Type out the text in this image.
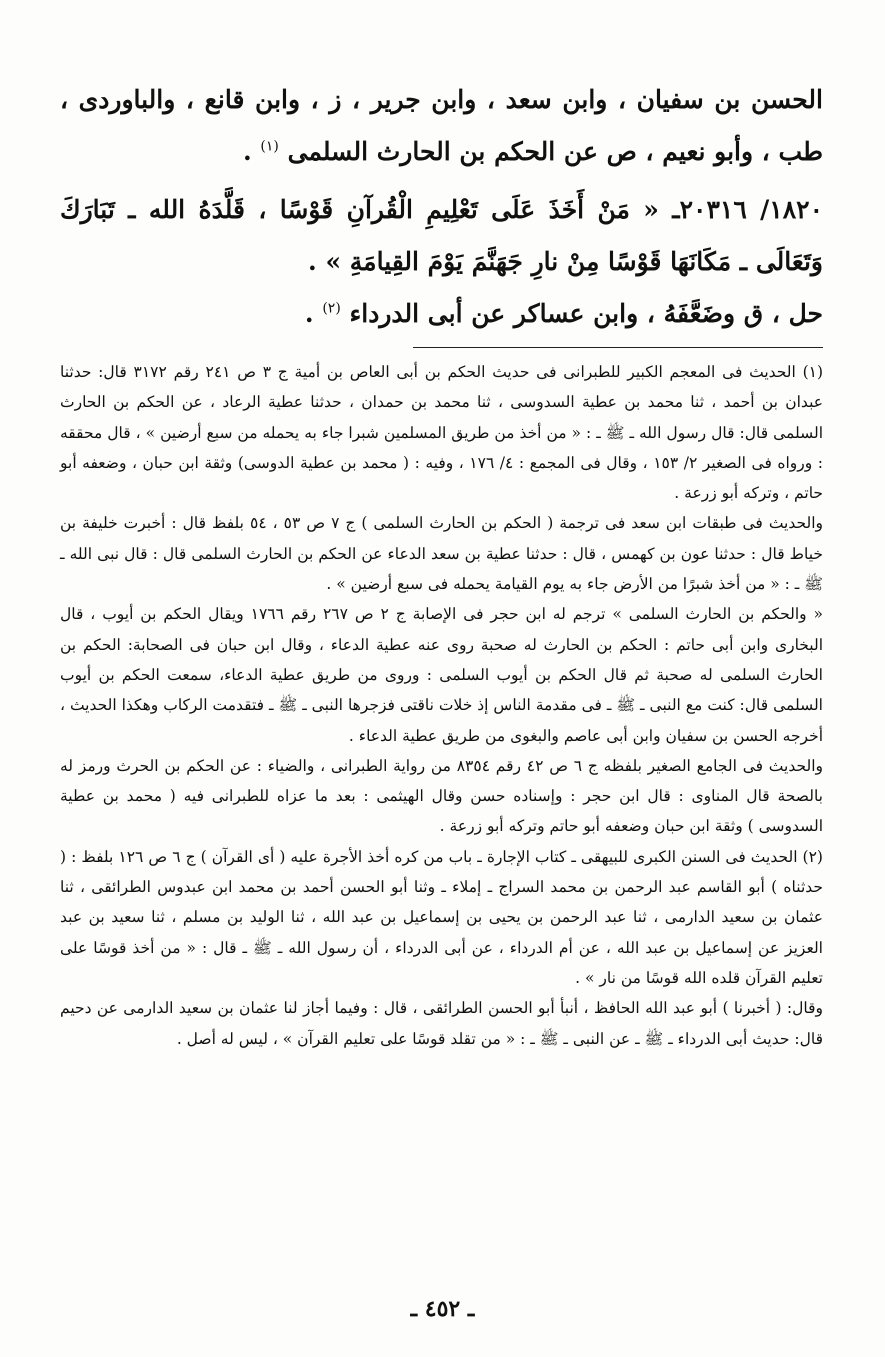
الحسن بن سفيان ، وابن سعد ، وابن جرير ، ز ، وابن قانع ، والباوردى ، طب ، وأبو نعيم ، ص عن الحكم بن الحارث السلمى $^{(١)}$ .

١٨٢٠/ ٢٠٣١٦ـ « مَنْ أَخَذَ عَلَى تَعْلِيمِ الْقُرآنِ قَوْسًا ، قَلَّدَهُ الله ـ تَبَارَكَ وَتَعَالَى ـ مَكَانَهَا قَوْسًا مِنْ نارِ جَهَنَّمَ يَوْمَ القِيامَةِ » .

حل ، ق وضَعَّفَهُ ، وابن عساكر عن أبى الدرداء $^{(٢)}$ .

(١) الحديث فى المعجم الكبير للطبرانى فى حديث الحكم بن أبى العاص بن أمية ج ٣ ص ٢٤١ رقم ٣١٧٢ قال: حدثنا عبدان بن أحمد ، ثنا محمد بن عطية السدوسى ، ثنا محمد بن حمدان ، حدثنا عطية الرعاد ، عن الحكم بن الحارث السلمى قال: قال رسول الله ـ ﷺ ـ : « من أخذ من طريق المسلمين شبرا جاء به يحمله من سبع أرضين » ، قال محققه : ورواه فى الصغير ٢/ ١٥٣ ، وقال فى المجمع : ٤/ ١٧٦ ، وفيه : ( محمد بن عطية الدوسى) وثقة ابن حبان ، وضعفه أبو حاتم ، وتركه أبو زرعة .

والحديث فى طبقات ابن سعد فى ترجمة ( الحكم بن الحارث السلمى ) ج ٧ ص ٥٣ ، ٥٤ بلفظ قال : أخبرت خليفة بن خياط قال : حدثنا عون بن كهمس ، قال : حدثنا عطية بن سعد الدعاء عن الحكم بن الحارث السلمى قال : قال نبى الله ـ ﷺ ـ : « من أخذ شبرًا من الأرض جاء به يوم القيامة يحمله فى سبع أرضين » .

« والحكم بن الحارث السلمى » ترجم له ابن حجر فى الإصابة ج ٢ ص ٢٦٧ رقم ١٧٦٦ ويقال الحكم بن أيوب ، قال البخارى وابن أبى حاتم : الحكم بن الحارث له صحبة روى عنه عطية الدعاء ، وقال ابن حبان فى الصحابة: الحكم بن الحارث السلمى له صحبة ثم قال الحكم بن أيوب السلمى : وروى من طريق عطية الدعاء، سمعت الحكم بن أيوب السلمى قال: كنت مع النبى ـ ﷺ ـ فى مقدمة الناس إذ خلات ناقتى فزجرها النبى ـ ﷺ ـ فتقدمت الركاب وهكذا الحديث ، أخرجه الحسن بن سفيان وابن أبى عاصم والبغوى من طريق عطية الدعاء .

والحديث فى الجامع الصغير بلفظه ج ٦ ص ٤٢ رقم ٨٣٥٤ من رواية الطبرانى ، والضياء : عن الحكم بن الحرث ورمز له بالصحة قال المناوى : قال ابن حجر : وإسناده حسن وقال الهيثمى : بعد ما عزاه للطبرانى فيه ( محمد بن عطية السدوسى ) وثقة ابن حبان وضعفه أبو حاتم وتركه أبو زرعة .

(٢) الحديث فى السنن الكبرى للبيهقى ـ كتاب الإجارة ـ باب من كره أخذ الأجرة عليه ( أى القرآن ) ج ٦ ص ١٢٦ بلفظ : ( حدثناه ) أبو القاسم عبد الرحمن بن محمد السراج ـ إملاء ـ وثنا أبو الحسن أحمد بن محمد ابن عبدوس الطرائقى ، ثنا عثمان بن سعيد الدارمى ، ثنا عبد الرحمن بن يحيى بن إسماعيل بن عبد الله ، ثنا الوليد بن مسلم ، ثنا سعيد بن عبد العزيز عن إسماعيل بن عبد الله ، عن أم الدرداء ، عن أبى الدرداء ، أن رسول الله ـ ﷺ ـ قال : « من أخذ قوسًا على تعليم القرآن قلده الله قوسًا من نار » .

وقال: ( أخبرنا ) أبو عبد الله الحافظ ، أنبأ أبو الحسن الطرائقى ، قال : وفيما أجاز لنا عثمان بن سعيد الدارمى عن دحيم قال: حديث أبى الدرداء ـ ﷺ ـ عن النبى ـ ﷺ ـ : « من تقلد قوسًا على تعليم القرآن » ، ليس له أصل .

ـ ٤٥٢ ـ
